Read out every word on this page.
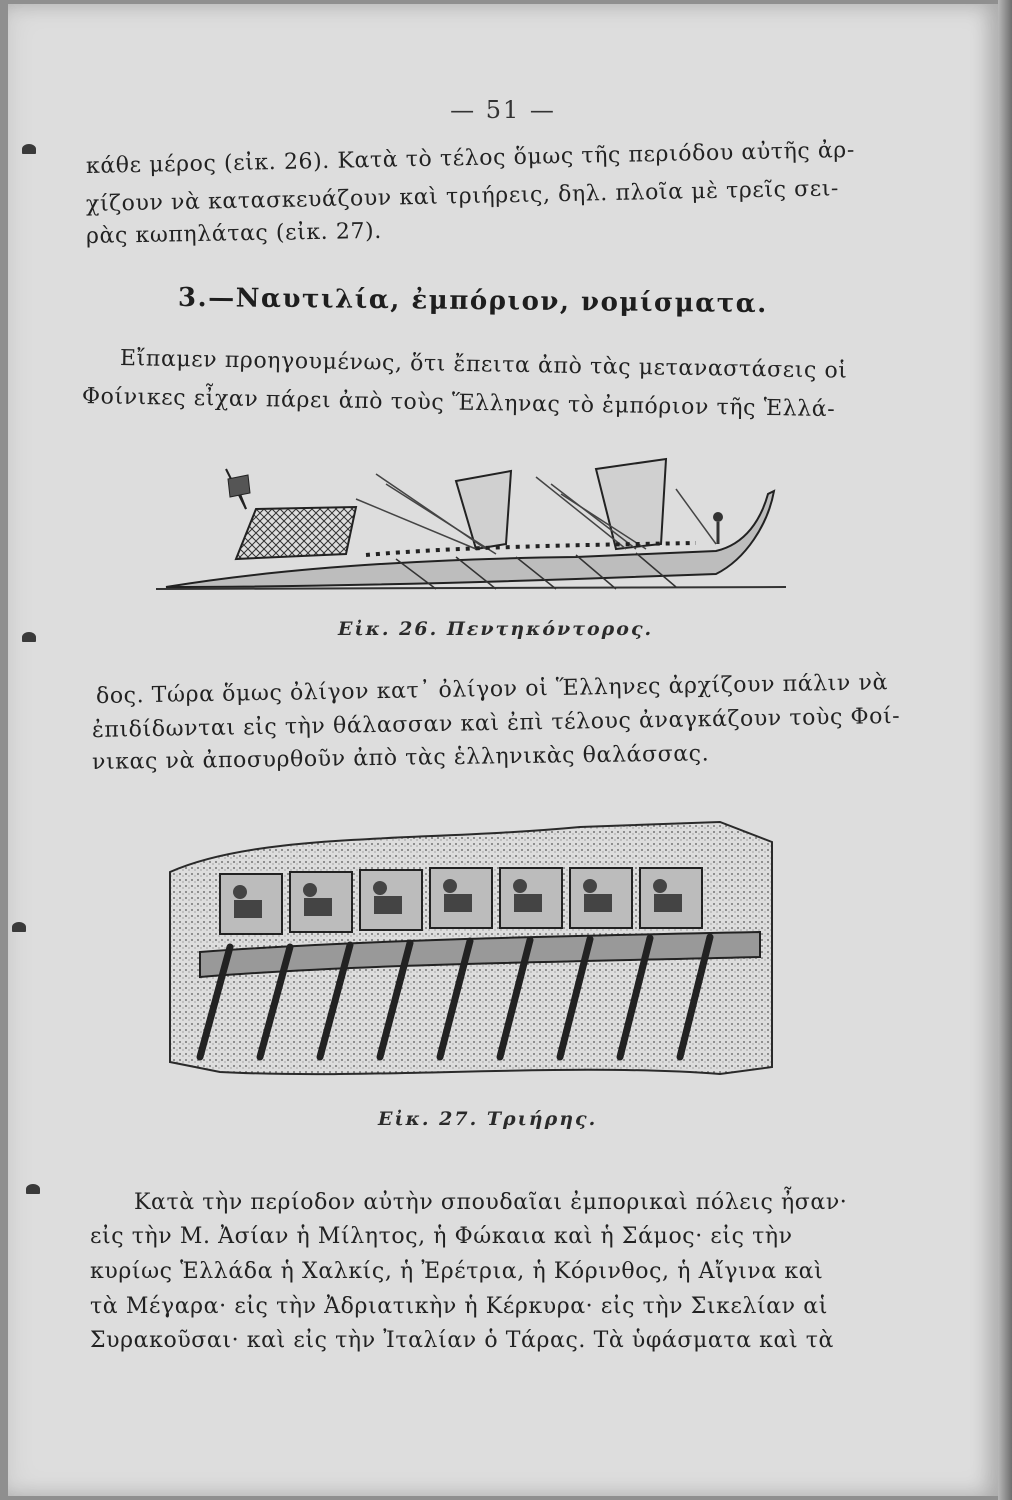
— 51 —
κάθε μέρος (εἰκ. 26). Κατὰ τὸ τέλος ὅμως τῆς περιόδου αὐτῆς ἀρ-
χίζουν νὰ κατασκευάζουν καὶ τριήρεις, δηλ. πλοῖα μὲ τρεῖς σει-
ρὰς κωπηλάτας (εἰκ. 27).
3.—Ναυτιλία, ἐμπόριον, νομίσματα.
Εἴπαμεν προηγουμένως, ὅτι ἔπειτα ἀπὸ τὰς μεταναστάσεις οἱ
Φοίνικες εἶχαν πάρει ἀπὸ τοὺς Ἕλληνας τὸ ἐμπόριον τῆς Ἑλλά-
Εἰκ. 26. Πεντηκόντορος.
δος. Τώρα ὅμως ὀλίγον κατ᾽ ὀλίγον οἱ Ἕλληνες ἀρχίζουν πάλιν νὰ
ἐπιδίδωνται εἰς τὴν θάλασσαν καὶ ἐπὶ τέλους ἀναγκάζουν τοὺς Φοί-
νικας νὰ ἀποσυρθοῦν ἀπὸ τὰς ἑλληνικὰς θαλάσσας.
Εἰκ. 27. Τριήρης.
Κατὰ τὴν περίοδον αὐτὴν σπουδαῖαι ἐμπορικαὶ πόλεις ἦσαν·
εἰς τὴν Μ. Ἀσίαν ἡ Μίλητος, ἡ Φώκαια καὶ ἡ Σάμος· εἰς τὴν
κυρίως Ἑλλάδα ἡ Χαλκίς, ἡ Ἐρέτρια, ἡ Κόρινθος, ἡ Αἴγινα καὶ
τὰ Μέγαρα· εἰς τὴν Ἀδριατικὴν ἡ Κέρκυρα· εἰς τὴν Σικελίαν αἱ
Συρακοῦσαι· καὶ εἰς τὴν Ἰταλίαν ὁ Τάρας. Τὰ ὑφάσματα καὶ τὰ
